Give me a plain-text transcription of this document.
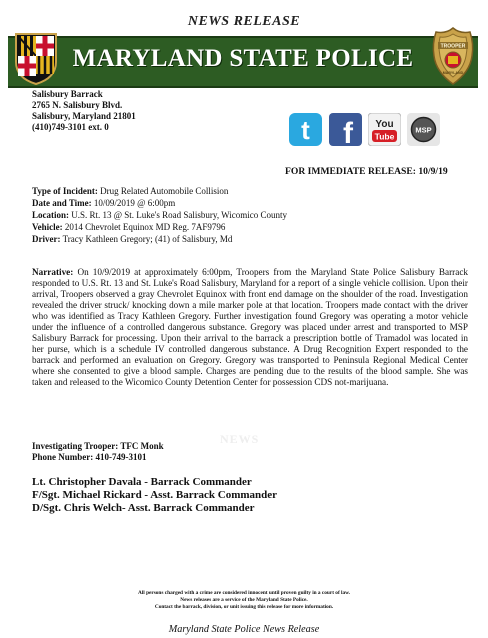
NEWS RELEASE
MARYLAND STATE POLICE	TROOPER
MARYLAND
Salisbury Barrack
2765 N. Salisbury Blvd.
Salisbury, Maryland 21801
(410)749-3101 ext. 0	t f You
Tube
MSP
FOR IMMEDIATE RELEASE: 10/9/19
Type of Incident: Drug Related Automobile Collision
Date and Time: 10/09/2019 @ 6:00pm
Location: U.S. Rt. 13 @ St. Luke's Road Salisbury, Wicomico County
Vehicle: 2014 Chevrolet Equinox MD Reg. 7AF9796
Driver: Tracy Kathleen Gregory; (41) of Salisbury, Md
Narrative: On 10/9/2019 at approximately 6:00pm, Troopers from the Maryland State Police Salisbury Barrack responded to U.S. Rt. 13 and St. Luke's Road Salisbury, Maryland for a report of a single vehicle collision. Upon their arrival, Troopers observed a gray Chevrolet Equinox with front end damage on the shoulder of the road. Investigation revealed the driver struck/ knocking down a mile marker pole at that location. Troopers made contact with the driver who was identified as Tracy Kathleen Gregory. Further investigation found Gregory was operating a motor vehicle under the influence of a controlled dangerous substance. Gregory was placed under arrest and transported to MSP Salisbury Barrack for processing. Upon their arrival to the barrack a prescription bottle of Tramadol was located in her purse, which is a schedule IV controlled dangerous substance. A Drug Recognition Expert responded to the barrack and performed an evaluation on Gregory. Gregory was transported to Peninsula Regional Medical Center where she consented to give a blood sample. Charges are pending due to the results of the blood sample. She was taken and released to the Wicomico County Detention Center for possession CDS not-marijuana.
NEWS
Investigating Trooper: TFC Monk
Phone Number: 410-749-3101
Lt. Christopher Davala - Barrack Commander
F/Sgt. Michael Rickard - Asst. Barrack Commander
D/Sgt. Chris Welch- Asst. Barrack Commander
All persons charged with a crime are considered innocent until proven guilty in a court of law.
News releases are a service of the Maryland State Police.
Contact the barrack, division, or unit issuing this release for more information.
Maryland State Police News Release
